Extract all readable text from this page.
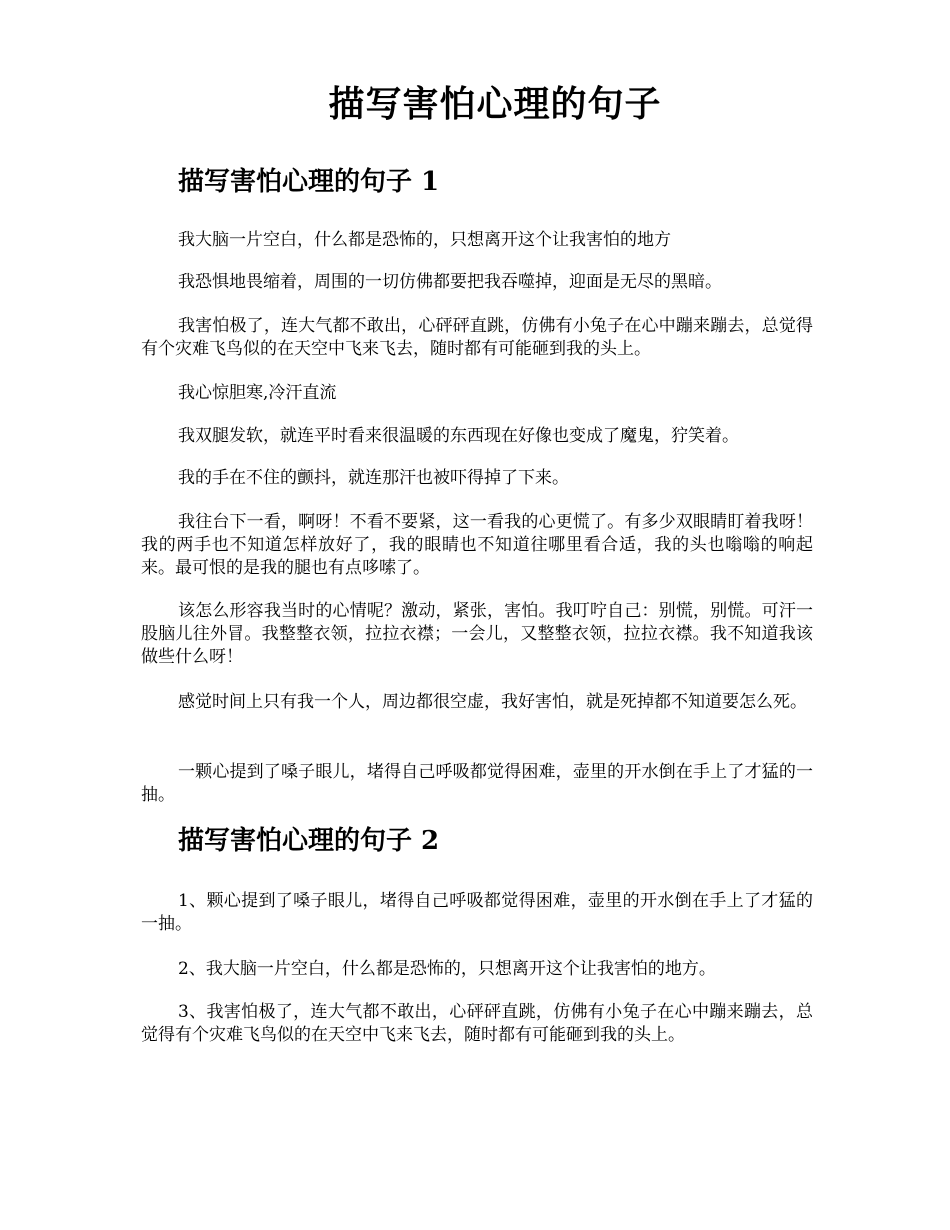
描写害怕心理的句子
描写害怕心理的句子 1

我大脑一片空白，什么都是恐怖的，只想离开这个让我害怕的地方

我恐惧地畏缩着，周围的一切仿佛都要把我吞噬掉，迎面是无尽的黑暗。

我害怕极了，连大气都不敢出，心砰砰直跳，仿佛有小兔子在心中蹦来蹦去，总觉得有个灾难飞鸟似的在天空中飞来飞去，随时都有可能砸到我的头上。

我心惊胆寒,冷汗直流

我双腿发软，就连平时看来很温暖的东西现在好像也变成了魔鬼，狞笑着。

我的手在不住的颤抖，就连那汗也被吓得掉了下来。

我往台下一看，啊呀！不看不要紧，这一看我的心更慌了。有多少双眼睛盯着我呀！我的两手也不知道怎样放好了，我的眼睛也不知道往哪里看合适，我的头也嗡嗡的响起来。最可恨的是我的腿也有点哆嗦了。

该怎么形容我当时的心情呢？激动，紧张，害怕。我叮咛自己：别慌，别慌。可汗一股脑儿往外冒。我整整衣领，拉拉衣襟；一会儿，又整整衣领，拉拉衣襟。我不知道我该做些什么呀！

感觉时间上只有我一个人，周边都很空虚，我好害怕，就是死掉都不知道要怎么死。

一颗心提到了嗓子眼儿，堵得自己呼吸都觉得困难，壶里的开水倒在手上了才猛的一抽。

描写害怕心理的句子 2

1、颗心提到了嗓子眼儿，堵得自己呼吸都觉得困难，壶里的开水倒在手上了才猛的一抽。

2、我大脑一片空白，什么都是恐怖的，只想离开这个让我害怕的地方。

3、我害怕极了，连大气都不敢出，心砰砰直跳，仿佛有小兔子在心中蹦来蹦去，总觉得有个灾难飞鸟似的在天空中飞来飞去，随时都有可能砸到我的头上。
